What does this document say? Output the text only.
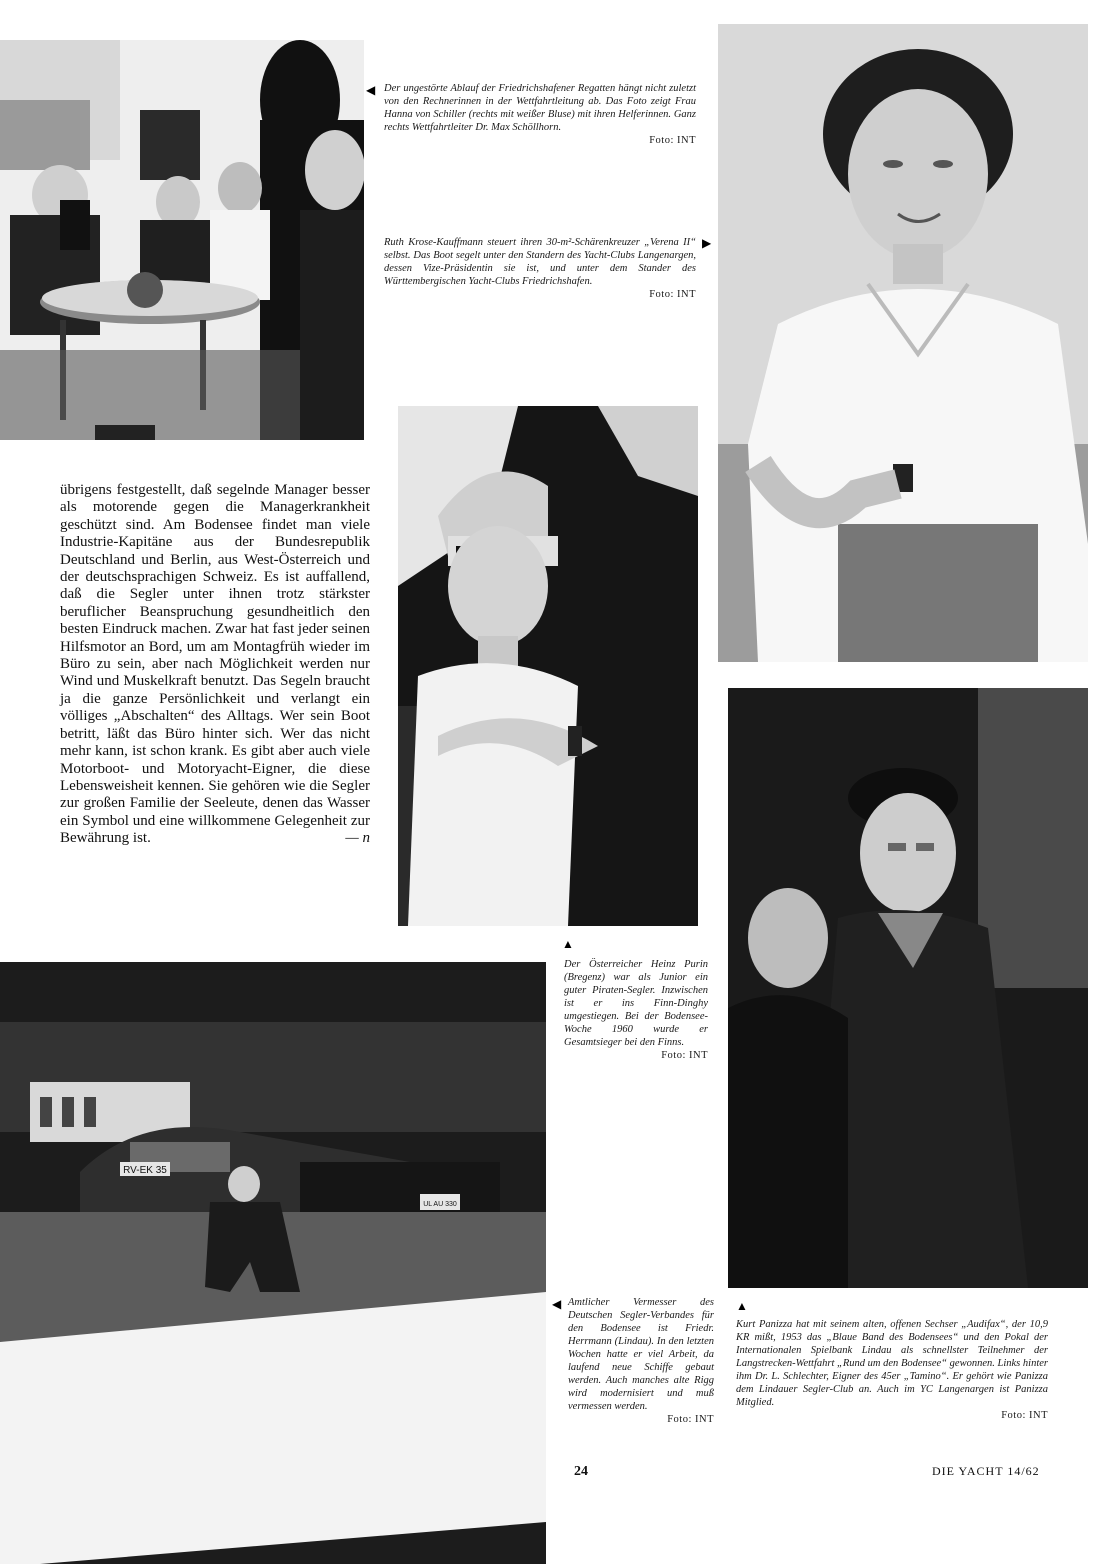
◀ Der ungestörte Ablauf der Friedrichshafener Regatten hängt nicht zuletzt von den Rechnerinnen in der Wettfahrtleitung ab. Das Foto zeigt Frau Hanna von Schiller (rechts mit weißer Bluse) mit ihren Helferinnen. Ganz rechts Wettfahrtleiter Dr. Max Schöllhorn.
Foto: INT
Ruth Krose-Kauffmann steuert ihren 30-m²-Schärenkreuzer „Verena II“ selbst. Das Boot segelt unter den Standern des Yacht-Clubs Langenargen, dessen Vize-Präsidentin sie ist, und unter dem Stander des Württembergischen Yacht-Clubs Friedrichshafen.
Foto: INT
▶
▲
Der Österreicher Heinz Purin (Bregenz) war als Junior ein guter Piraten-Segler. Inzwischen ist er ins Finn-Dinghy umgestiegen. Bei der Bodensee-Woche 1960 wurde er Gesamtsieger bei den Finns.
Foto: INT
übrigens festgestellt, daß segelnde Manager besser als motorende gegen die Managerkrankheit geschützt sind. Am Bodensee findet man viele Industrie-Kapitäne aus der Bundesrepublik Deutschland und Berlin, aus West-Österreich und der deutschsprachigen Schweiz. Es ist auffallend, daß die Segler unter ihnen trotz stärkster beruflicher Beanspruchung gesundheitlich den besten Eindruck machen. Zwar hat fast jeder seinen Hilfsmotor an Bord, um am Montagfrüh wieder im Büro zu sein, aber nach Möglichkeit werden nur Wind und Muskelkraft benutzt. Das Segeln braucht ja die ganze Persönlichkeit und verlangt ein völliges „Abschalten“ des Alltags. Wer sein Boot betritt, läßt das Büro hinter sich. Wer das nicht mehr kann, ist schon krank. Es gibt aber auch viele Motorboot- und Motoryacht-Eigner, die diese Lebensweisheit kennen. Sie gehören wie die Segler zur großen Familie der Seeleute, denen das Wasser ein Symbol und eine willkommene Gelegenheit zur Bewährung ist.	— n
▲
Kurt Panizza hat mit seinem alten, offenen Sechser „Audifax“, der 10,9 KR mißt, 1953 das „Blaue Band des Bodensees“ und den Pokal der Internationalen Spielbank Lindau als schnellster Teilnehmer der Langstrecken-Wettfahrt „Rund um den Bodensee“ gewonnen. Links hinter ihm Dr. L. Schlechter, Eigner des 45er „Tamino“. Er gehört wie Panizza dem Lindauer Segler-Club an. Auch im YC Langenargen ist Panizza Mitglied.
Foto: INT
RV-EK 35
UL AU 330
◀ Amtlicher Vermesser des Deutschen Segler-Verbandes für den Bodensee ist Friedr. Herrmann (Lindau). In den letzten Wochen hatte er viel Arbeit, da laufend neue Schiffe gebaut werden. Auch manches alte Rigg wird modernisiert und muß vermessen werden.
Foto: INT
24	DIE YACHT 14/62
